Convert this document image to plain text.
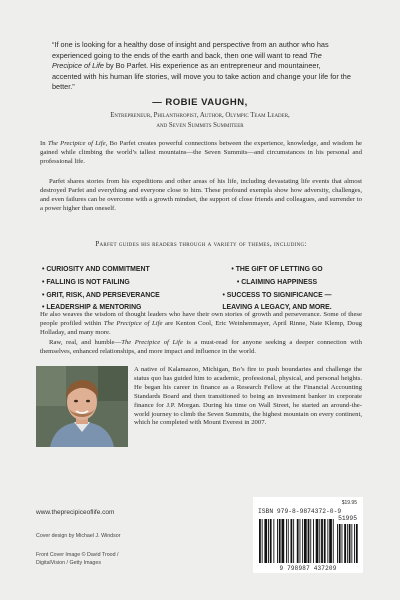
“If one is looking for a healthy dose of insight and perspective from an author who has experienced going to the ends of the earth and back, then one will want to read The Precipice of Life by Bo Parfet. His experience as an entrepreneur and mountaineer, accented with his human life stories, will move you to take action and change your life for the better.”
— ROBIE VAUGHN,
Entrepreneur, Philanthropist, Author, Olympic Team Leader,
and Seven Summits Summiteer
In The Precipice of Life, Bo Parfet creates powerful connections between the experience, knowledge, and wisdom he gained while climbing the world’s tallest mountains—the Seven Summits—and circumstances in his personal and professional life.
Parfet shares stories from his expeditions and other areas of his life, including devastating life events that almost destroyed Parfet and everything and everyone close to him. These profound exempla show how adversity, challenges, and even failures can be overcome with a growth mindset, the support of close friends and colleagues, and surrender to a power higher than oneself.
Parfet guides his readers through a variety of themes, including:
• CURIOSITY AND COMMITMENT	• THE GIFT OF LETTING GO
• FALLING IS NOT FAILING	• CLAIMING HAPPINESS
• GRIT, RISK, AND PERSEVERANCE	• SUCCESS TO SIGNIFICANCE —
• LEADERSHIP & MENTORING	LEAVING A LEGACY, AND MORE.
He also weaves the wisdom of thought leaders who have their own stories of growth and perseverance. Some of these people profiled within The Precipice of Life are Kenton Cool, Eric Weinhenmayer, April Rinne, Nate Klemp, Doug Holladay, and many more.
Raw, real, and humble—The Precipice of Life is a must-read for anyone seeking a deeper connection with themselves, enhanced relationships, and more impact and influence in the world.
A native of Kalamazoo, Michigan, Bo’s fire to push boundaries and challenge the status quo has guided him to academic, professional, physical, and personal heights. He began his career in finance as a Research Fellow at the Financial Accounting Standards Board and then transitioned to being an investment banker in corporate finance for J.P. Morgan. During his time on Wall Street, he started an around-the-world journey to climb the Seven Summits, the highest mountain on every continent, which he completed with Mount Everest in 2007.
www.theprecipiceoflife.com
Cover design by Michael J. Windsor
Front Cover Image © David Trood / DigitalVision / Getty Images
$19.95
ISBN 979-8-9874372-0-9
51995
9 798987 437209
